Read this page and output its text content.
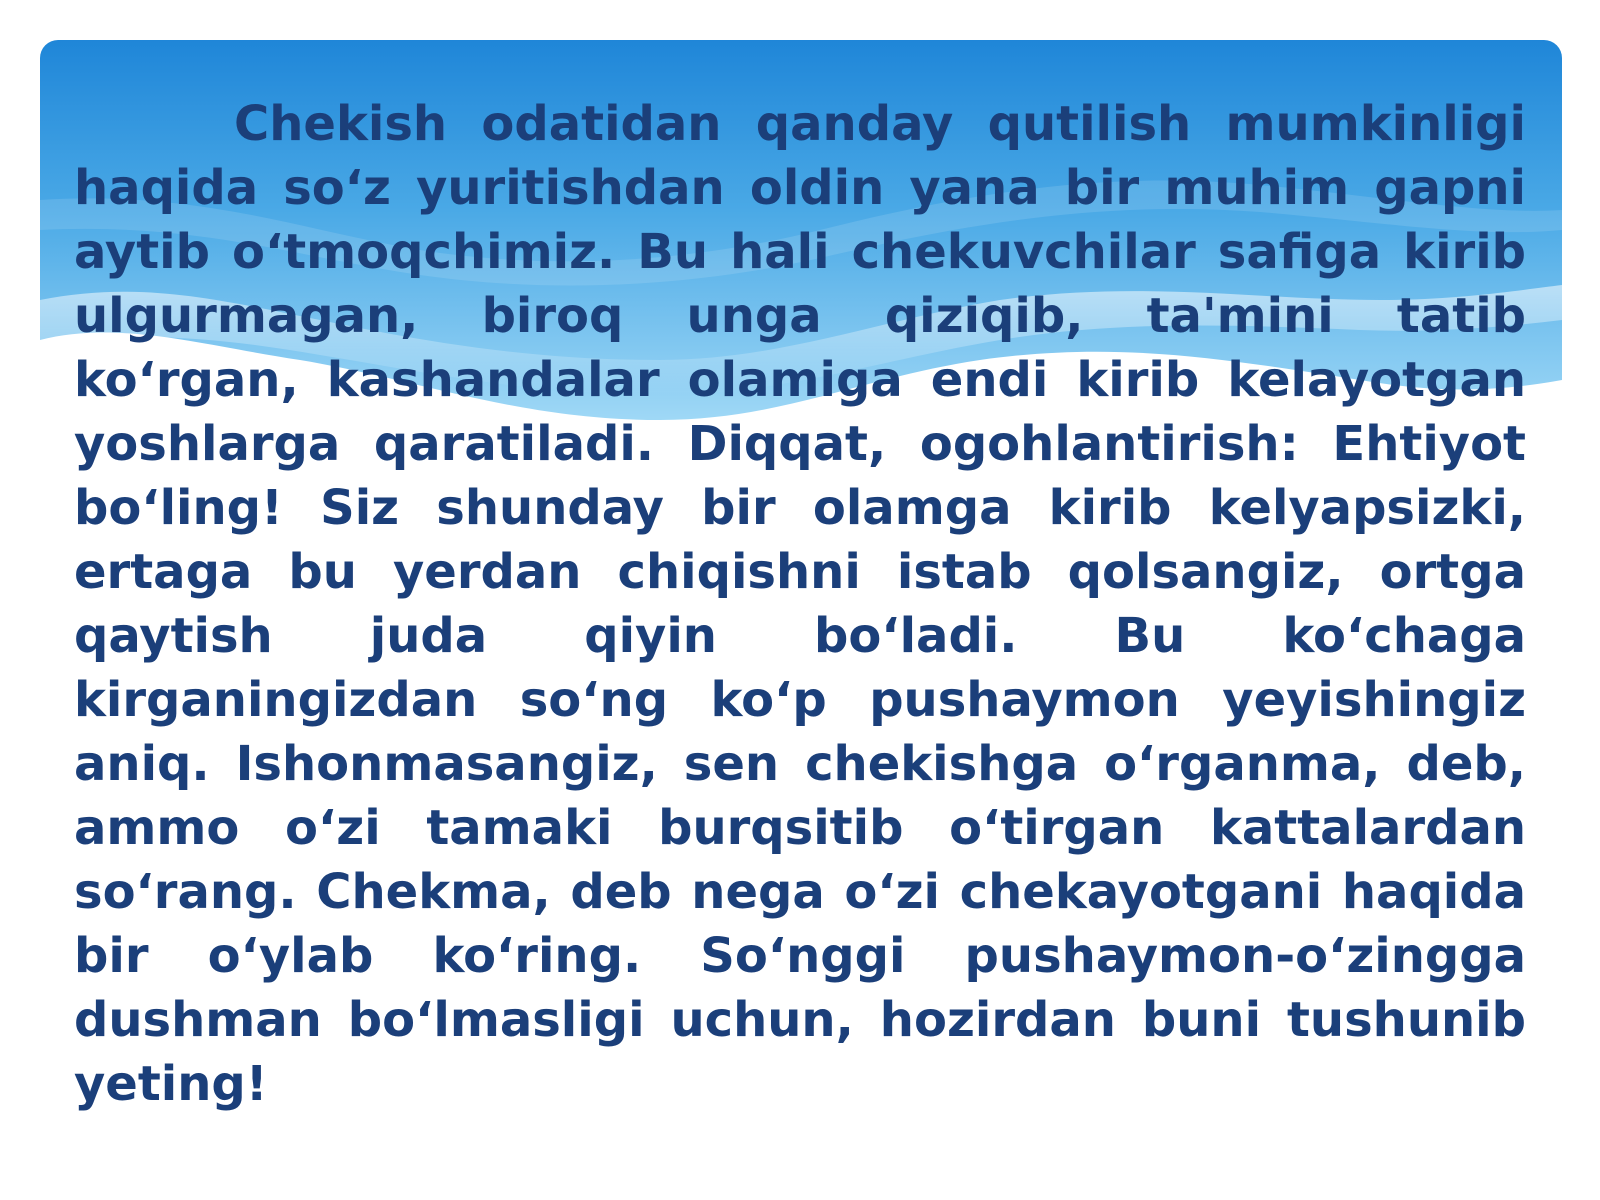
Chekish odatidan qanday qutilish mumkinligi haqida so‘z yuritishdan oldin yana bir muhim gapni aytib o‘tmoqchimiz. Bu hali chekuvchilar safiga kirib ulgurmagan, biroq unga qiziqib, ta'mini tatib ko‘rgan, kashandalar olamiga endi kirib kelayotgan yoshlarga qaratiladi. Diqqat, ogohlantirish: Ehtiyot bo‘ling! Siz shunday bir olamga kirib kelyapsizki, ertaga bu yerdan chiqishni istab qolsangiz, ortga qaytish juda qiyin bo‘ladi. Bu ko‘chaga kirganingizdan so‘ng ko‘p pushaymon yeyishingiz aniq. Ishonmasangiz, sen chekishga o‘rganma, deb, ammo o‘zi tamaki burqsitib o‘tirgan kattalardan so‘rang. Chekma, deb nega o‘zi chekayotgani haqida bir o‘ylab ko‘ring. So‘nggi pushaymon-o‘zingga dushman bo‘lmasligi uchun, hozirdan buni tushunib yeting!
